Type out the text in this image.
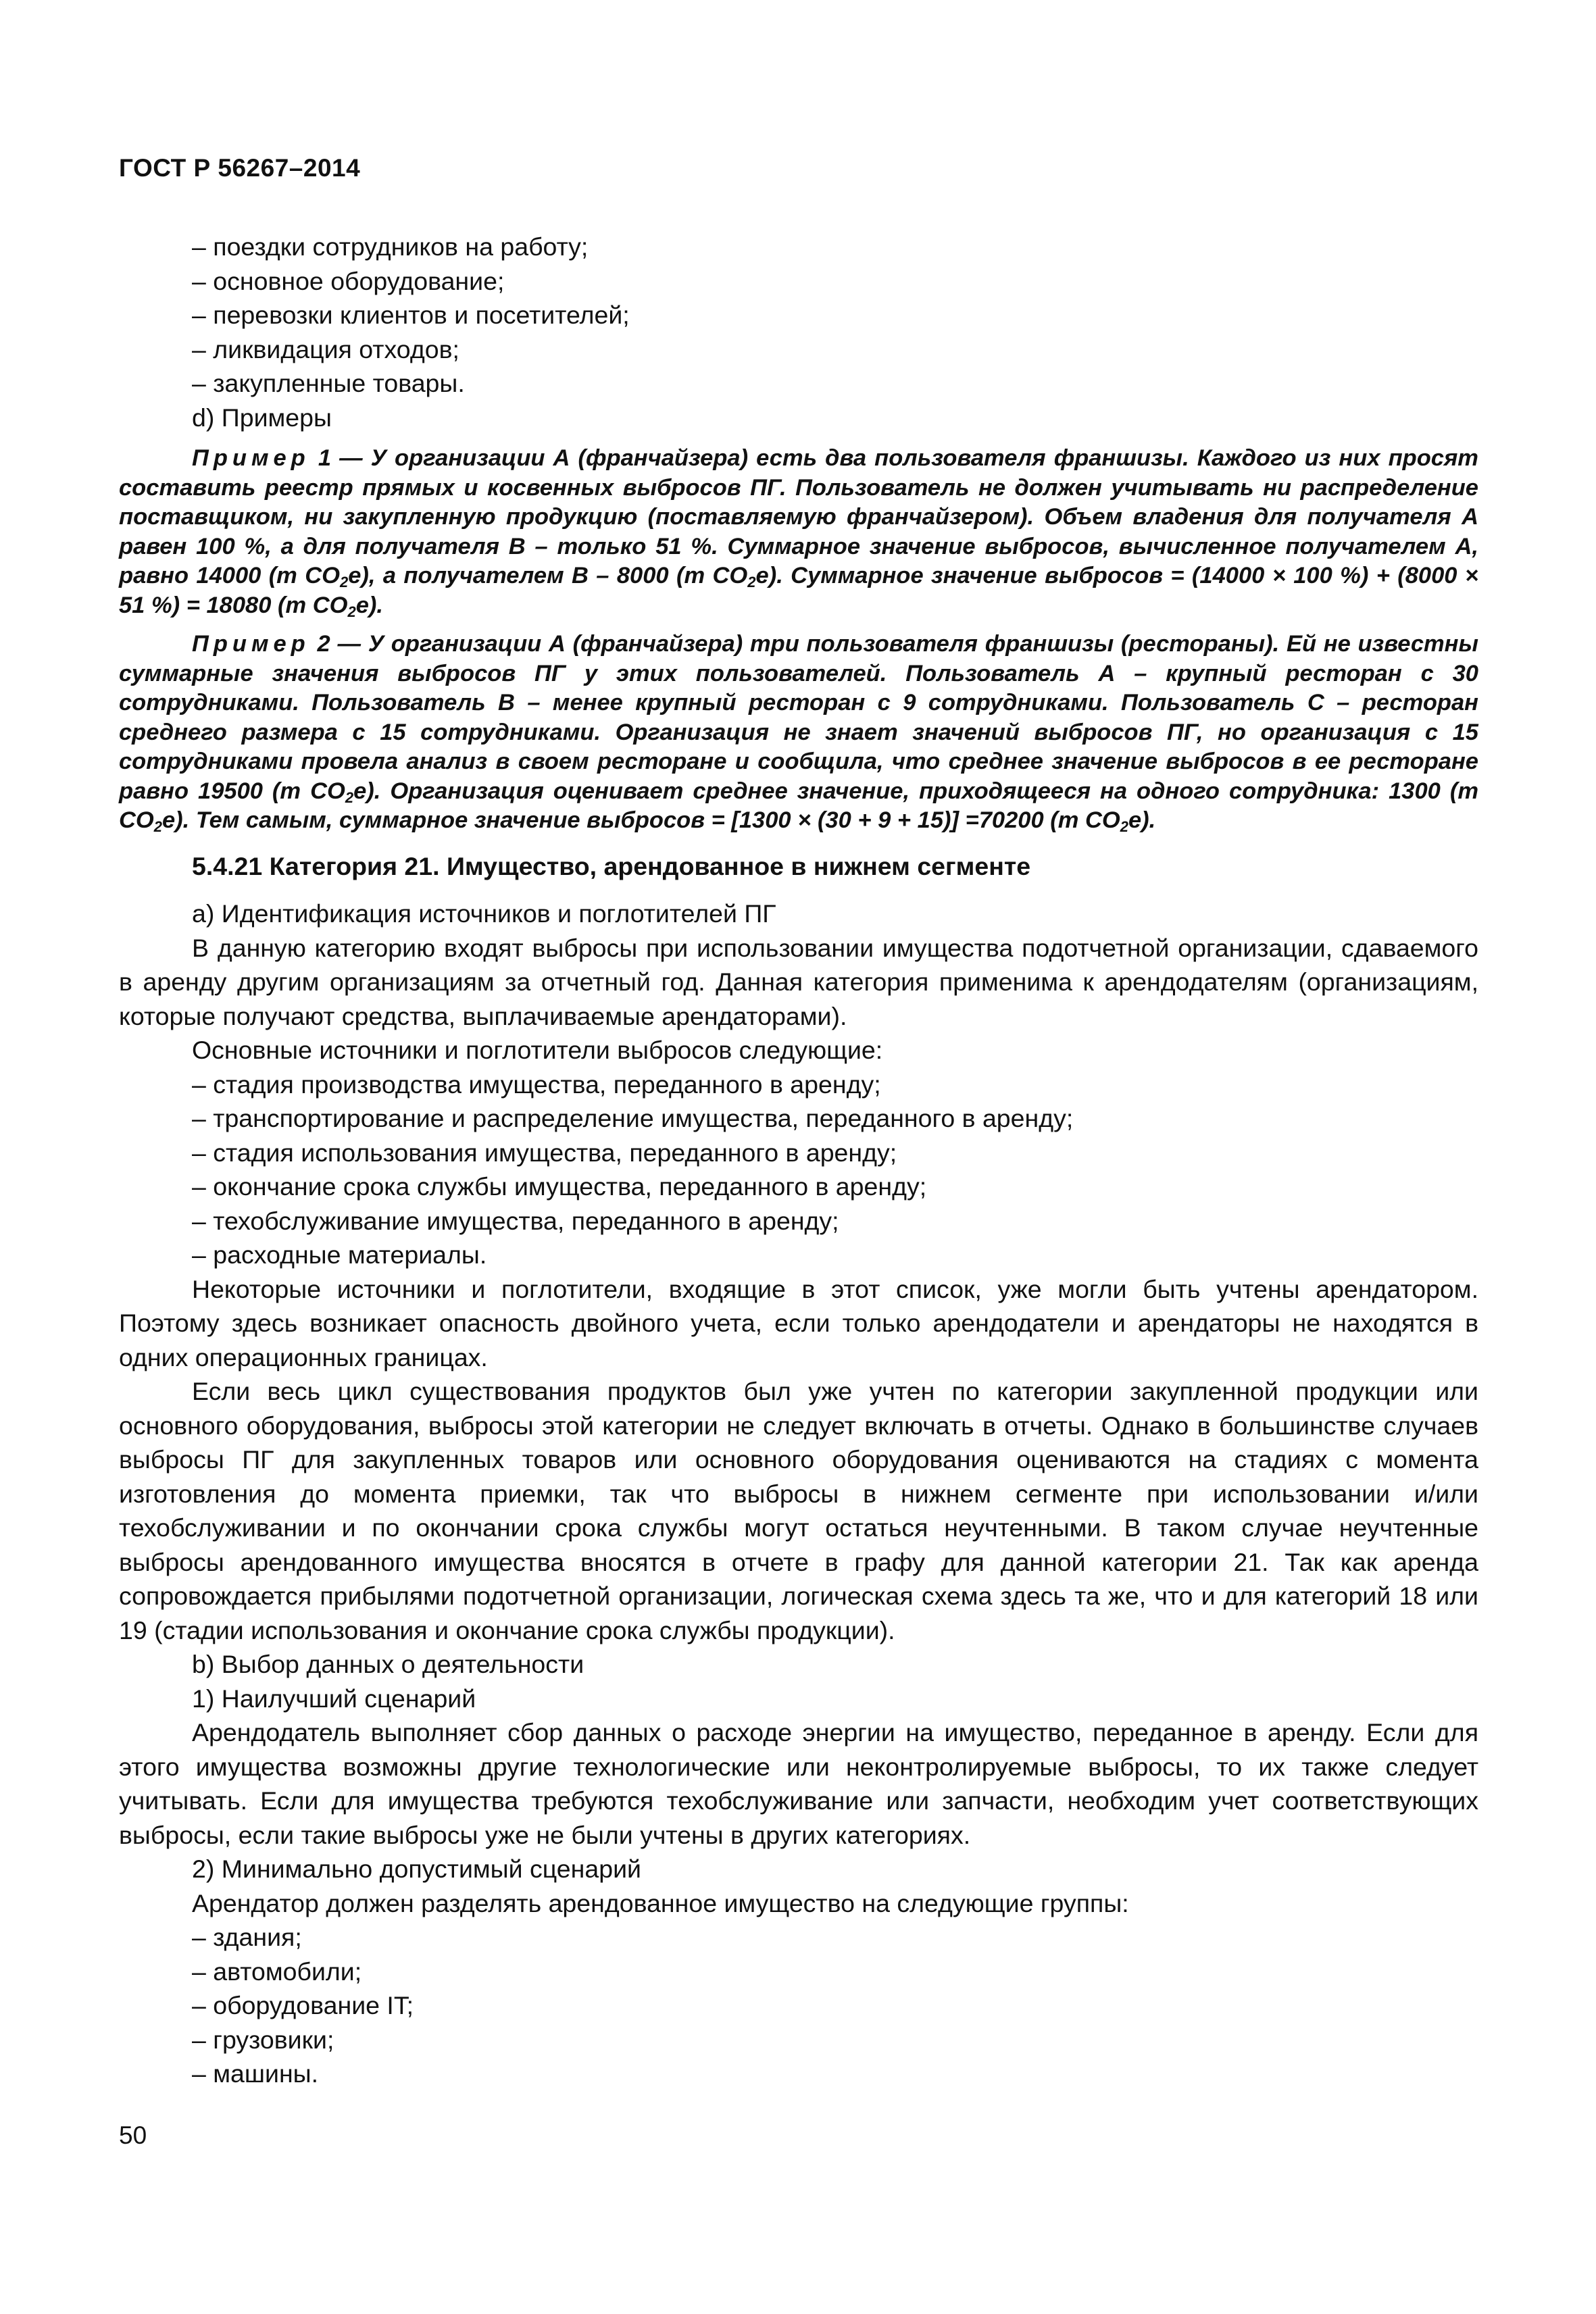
ГОСТ Р 56267–2014

– поездки сотрудников на работу;

– основное оборудование;

– перевозки клиентов и посетителей;

– ликвидация отходов;

– закупленные товары.

d) Примеры

Пример 1 — У организации А (франчайзера) есть два пользователя франшизы. Каждого из них просят составить реестр прямых и косвенных выбросов ПГ. Пользователь не должен учитывать ни распределение поставщиком, ни закупленную продукцию (поставляемую франчайзером). Объем владения для получателя А равен 100 %, а для получателя В – только 51 %. Суммарное значение выбросов, вычисленное получателем А, равно 14000 (т $CO_2e$), а получателем В – 8000 (т $CO_2e$). Суммарное значение выбросов = (14000 × 100 %) + (8000 × 51 %) = 18080 (т $CO_2e$).

Пример 2 — У организации А (франчайзера) три пользователя франшизы (рестораны). Ей не известны суммарные значения выбросов ПГ у этих пользователей. Пользователь А – крупный ресторан с 30 сотрудниками. Пользователь В – менее крупный ресторан с 9 сотрудниками. Пользователь С – ресторан среднего размера с 15 сотрудниками. Организация не знает значений выбросов ПГ, но организация с 15 сотрудниками провела анализ в своем ресторане и сообщила, что среднее значение выбросов в ее ресторане равно 19500 (т $CO_2e$). Организация оценивает среднее значение, приходящееся на одного сотрудника: 1300 (т $CO_2e$). Тем самым, суммарное значение выбросов = [1300 × (30 + 9 + 15)] =70200 (т $CO_2e$).

5.4.21 Категория 21. Имущество, арендованное в нижнем сегменте

а) Идентификация источников и поглотителей ПГ

В данную категорию входят выбросы при использовании имущества подотчетной организации, сдаваемого в аренду другим организациям за отчетный год. Данная категория применима к арендодателям (организациям, которые получают средства, выплачиваемые арендаторами).

Основные источники и поглотители выбросов следующие:

– стадия производства имущества, переданного в аренду;

– транспортирование и распределение имущества, переданного в аренду;

– стадия использования имущества, переданного в аренду;

– окончание срока службы имущества, переданного в аренду;

– техобслуживание имущества, переданного в аренду;

– расходные материалы.

Некоторые источники и поглотители, входящие в этот список, уже могли быть учтены арендатором. Поэтому здесь возникает опасность двойного учета, если только арендодатели и арендаторы не находятся в одних операционных границах.

Если весь цикл существования продуктов был уже учтен по категории закупленной продукции или основного оборудования, выбросы этой категории не следует включать в отчеты. Однако в большинстве случаев выбросы ПГ для закупленных товаров или основного оборудования оцениваются на стадиях с момента изготовления до момента приемки, так что выбросы в нижнем сегменте при использовании и/или техобслуживании и по окончании срока службы могут остаться неучтенными. В таком случае неучтенные выбросы арендованного имущества вносятся в отчете в графу для данной категории 21. Так как аренда сопровождается прибылями подотчетной организации, логическая схема здесь та же, что и для категорий 18 или 19 (стадии использования и окончание срока службы продукции).

b) Выбор данных о деятельности

1) Наилучший сценарий

Арендодатель выполняет сбор данных о расходе энергии на имущество, переданное в аренду. Если для этого имущества возможны другие технологические или неконтролируемые выбросы, то их также следует учитывать. Если для имущества требуются техобслуживание или запчасти, необходим учет соответствующих выбросы, если такие выбросы уже не были учтены в других категориях.

2) Минимально допустимый сценарий

Арендатор должен разделять арендованное имущество на следующие группы:

– здания;

– автомобили;

– оборудование IT;

– грузовики;

– машины.

50
